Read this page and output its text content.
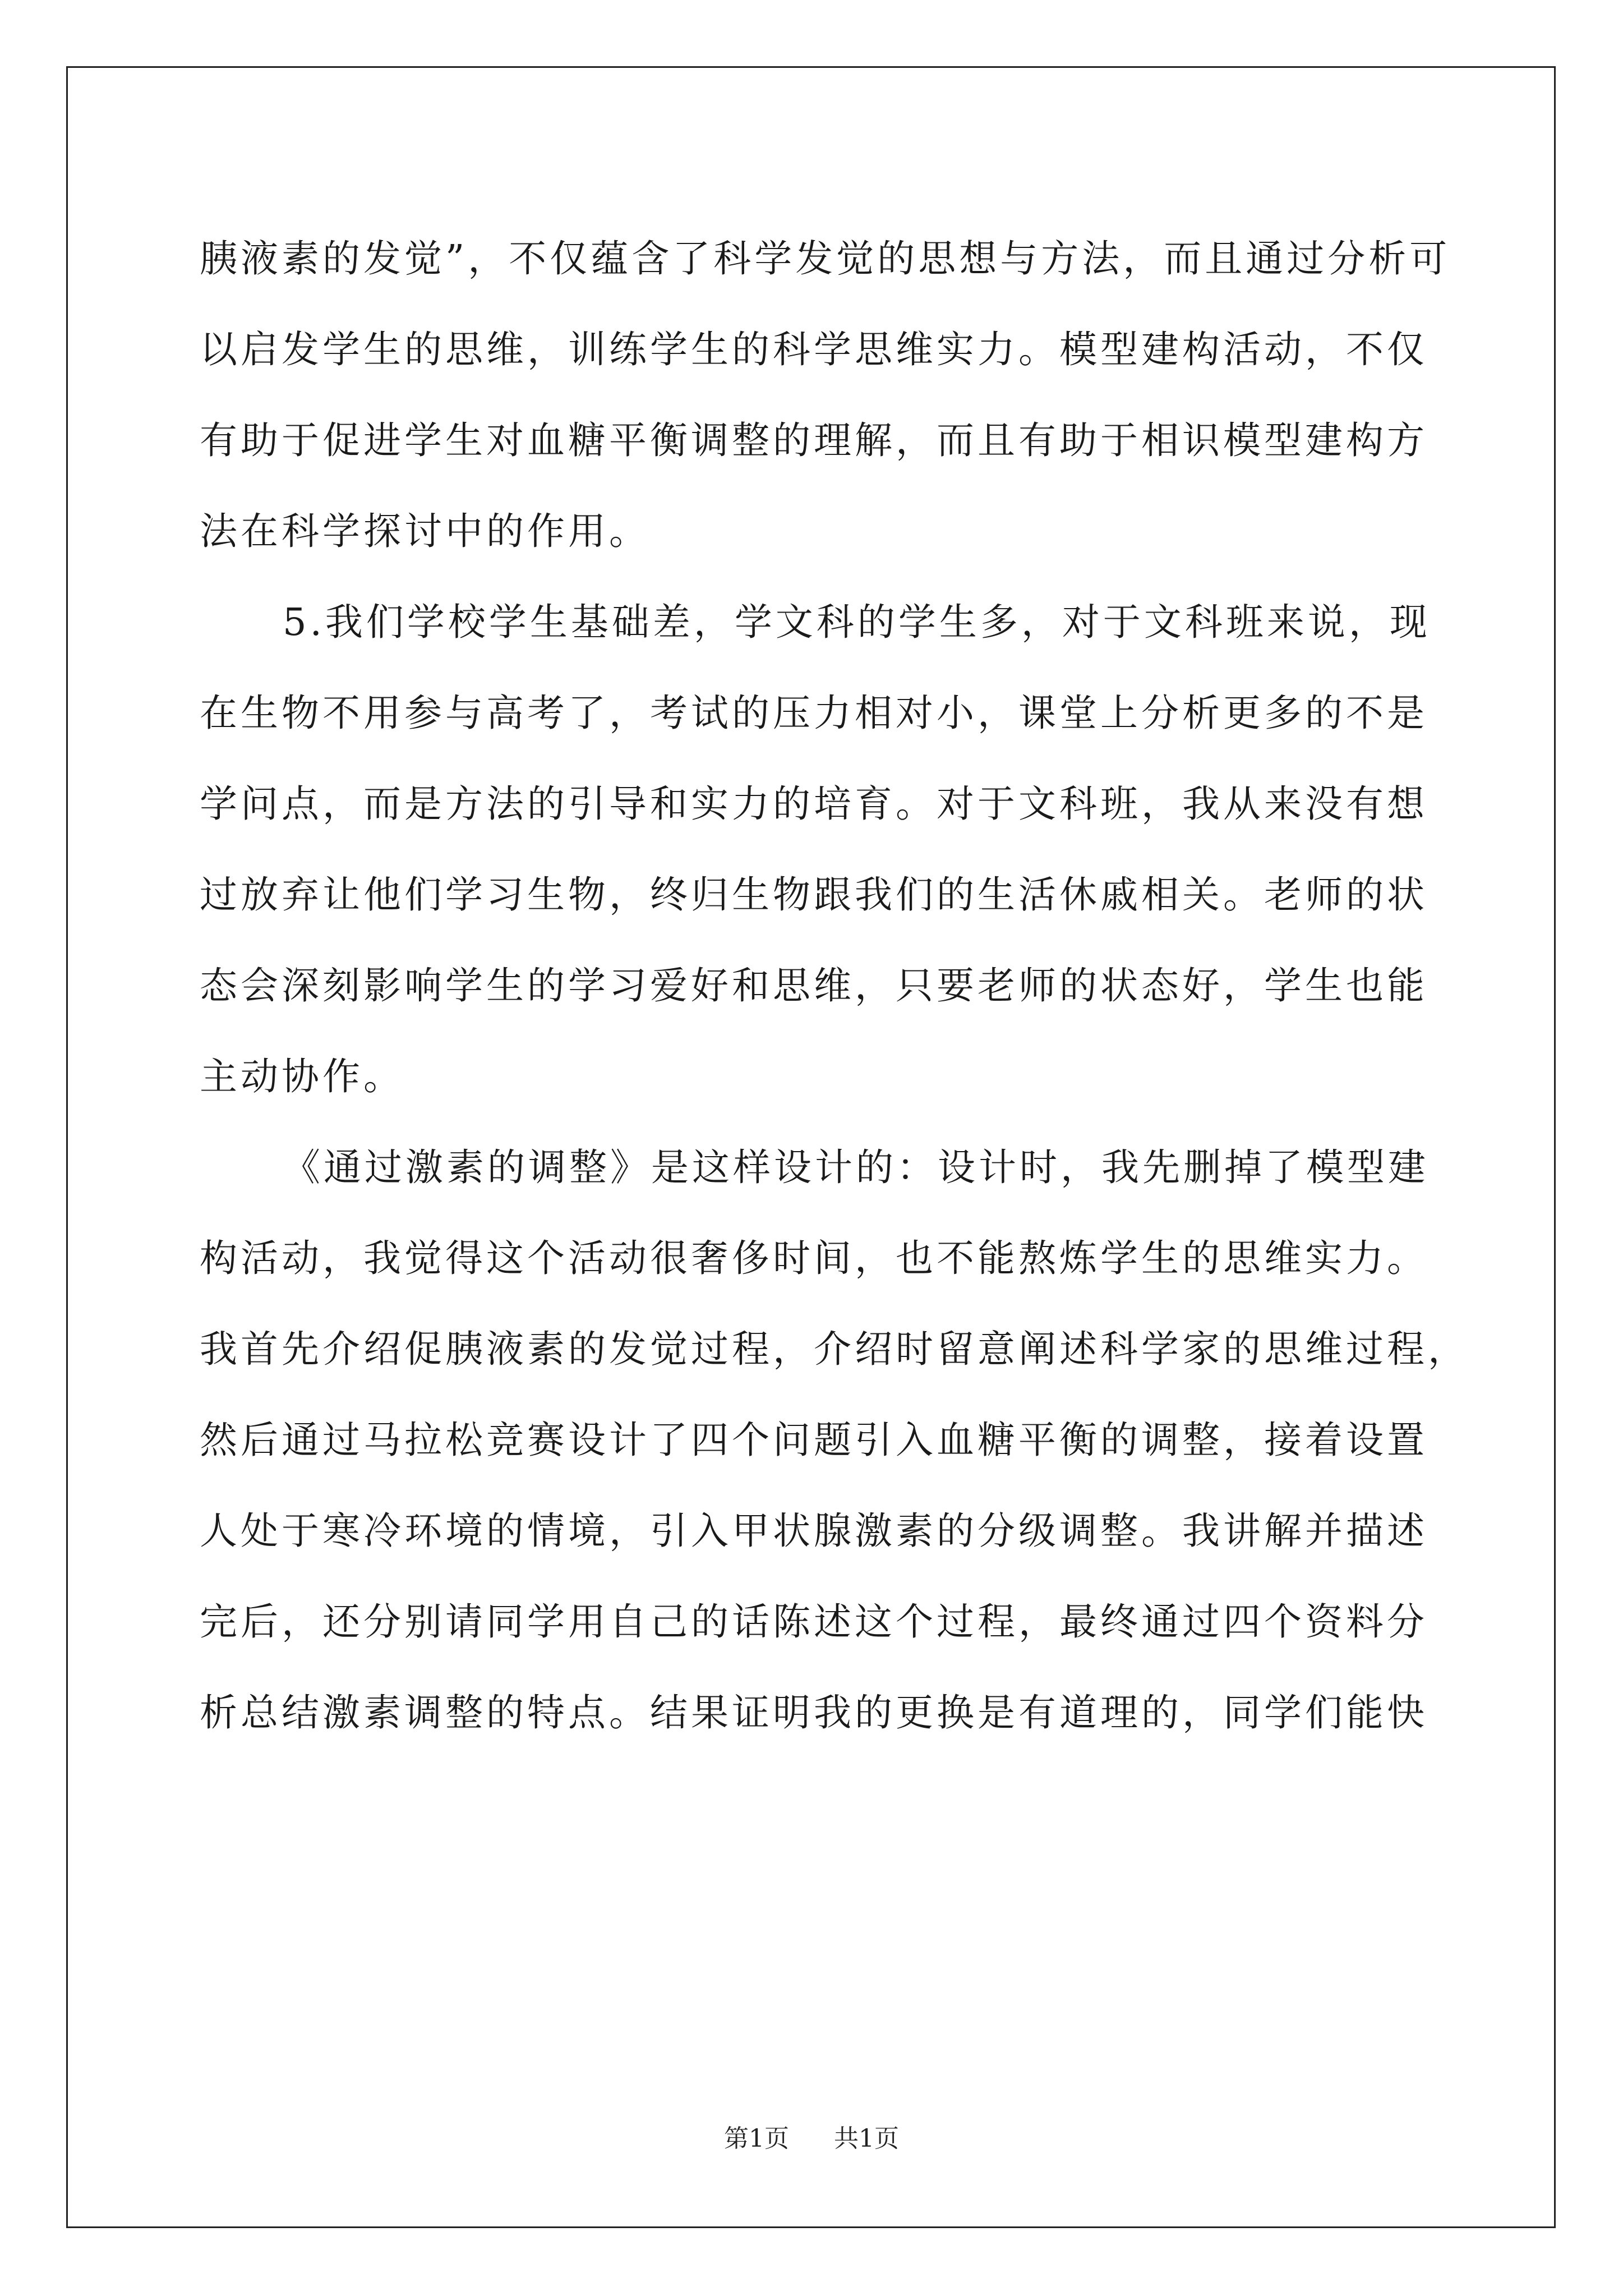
胰液素的发觉”，不仅蕴含了科学发觉的思想与方法，而且通过分析可
以启发学生的思维，训练学生的科学思维实力。模型建构活动，不仅
有助于促进学生对血糖平衡调整的理解，而且有助于相识模型建构方
法在科学探讨中的作用。
5.我们学校学生基础差，学文科的学生多，对于文科班来说，现
在生物不用参与高考了，考试的压力相对小，课堂上分析更多的不是
学问点，而是方法的引导和实力的培育。对于文科班，我从来没有想
过放弃让他们学习生物，终归生物跟我们的生活休戚相关。老师的状
态会深刻影响学生的学习爱好和思维，只要老师的状态好，学生也能
主动协作。
《通过激素的调整》是这样设计的：设计时，我先删掉了模型建
构活动，我觉得这个活动很奢侈时间，也不能熬炼学生的思维实力。
我首先介绍促胰液素的发觉过程，介绍时留意阐述科学家的思维过程，
然后通过马拉松竞赛设计了四个问题引入血糖平衡的调整，接着设置
人处于寒冷环境的情境，引入甲状腺激素的分级调整。我讲解并描述
完后，还分别请同学用自己的话陈述这个过程，最终通过四个资料分
析总结激素调整的特点。结果证明我的更换是有道理的，同学们能快
第1页 共1页
